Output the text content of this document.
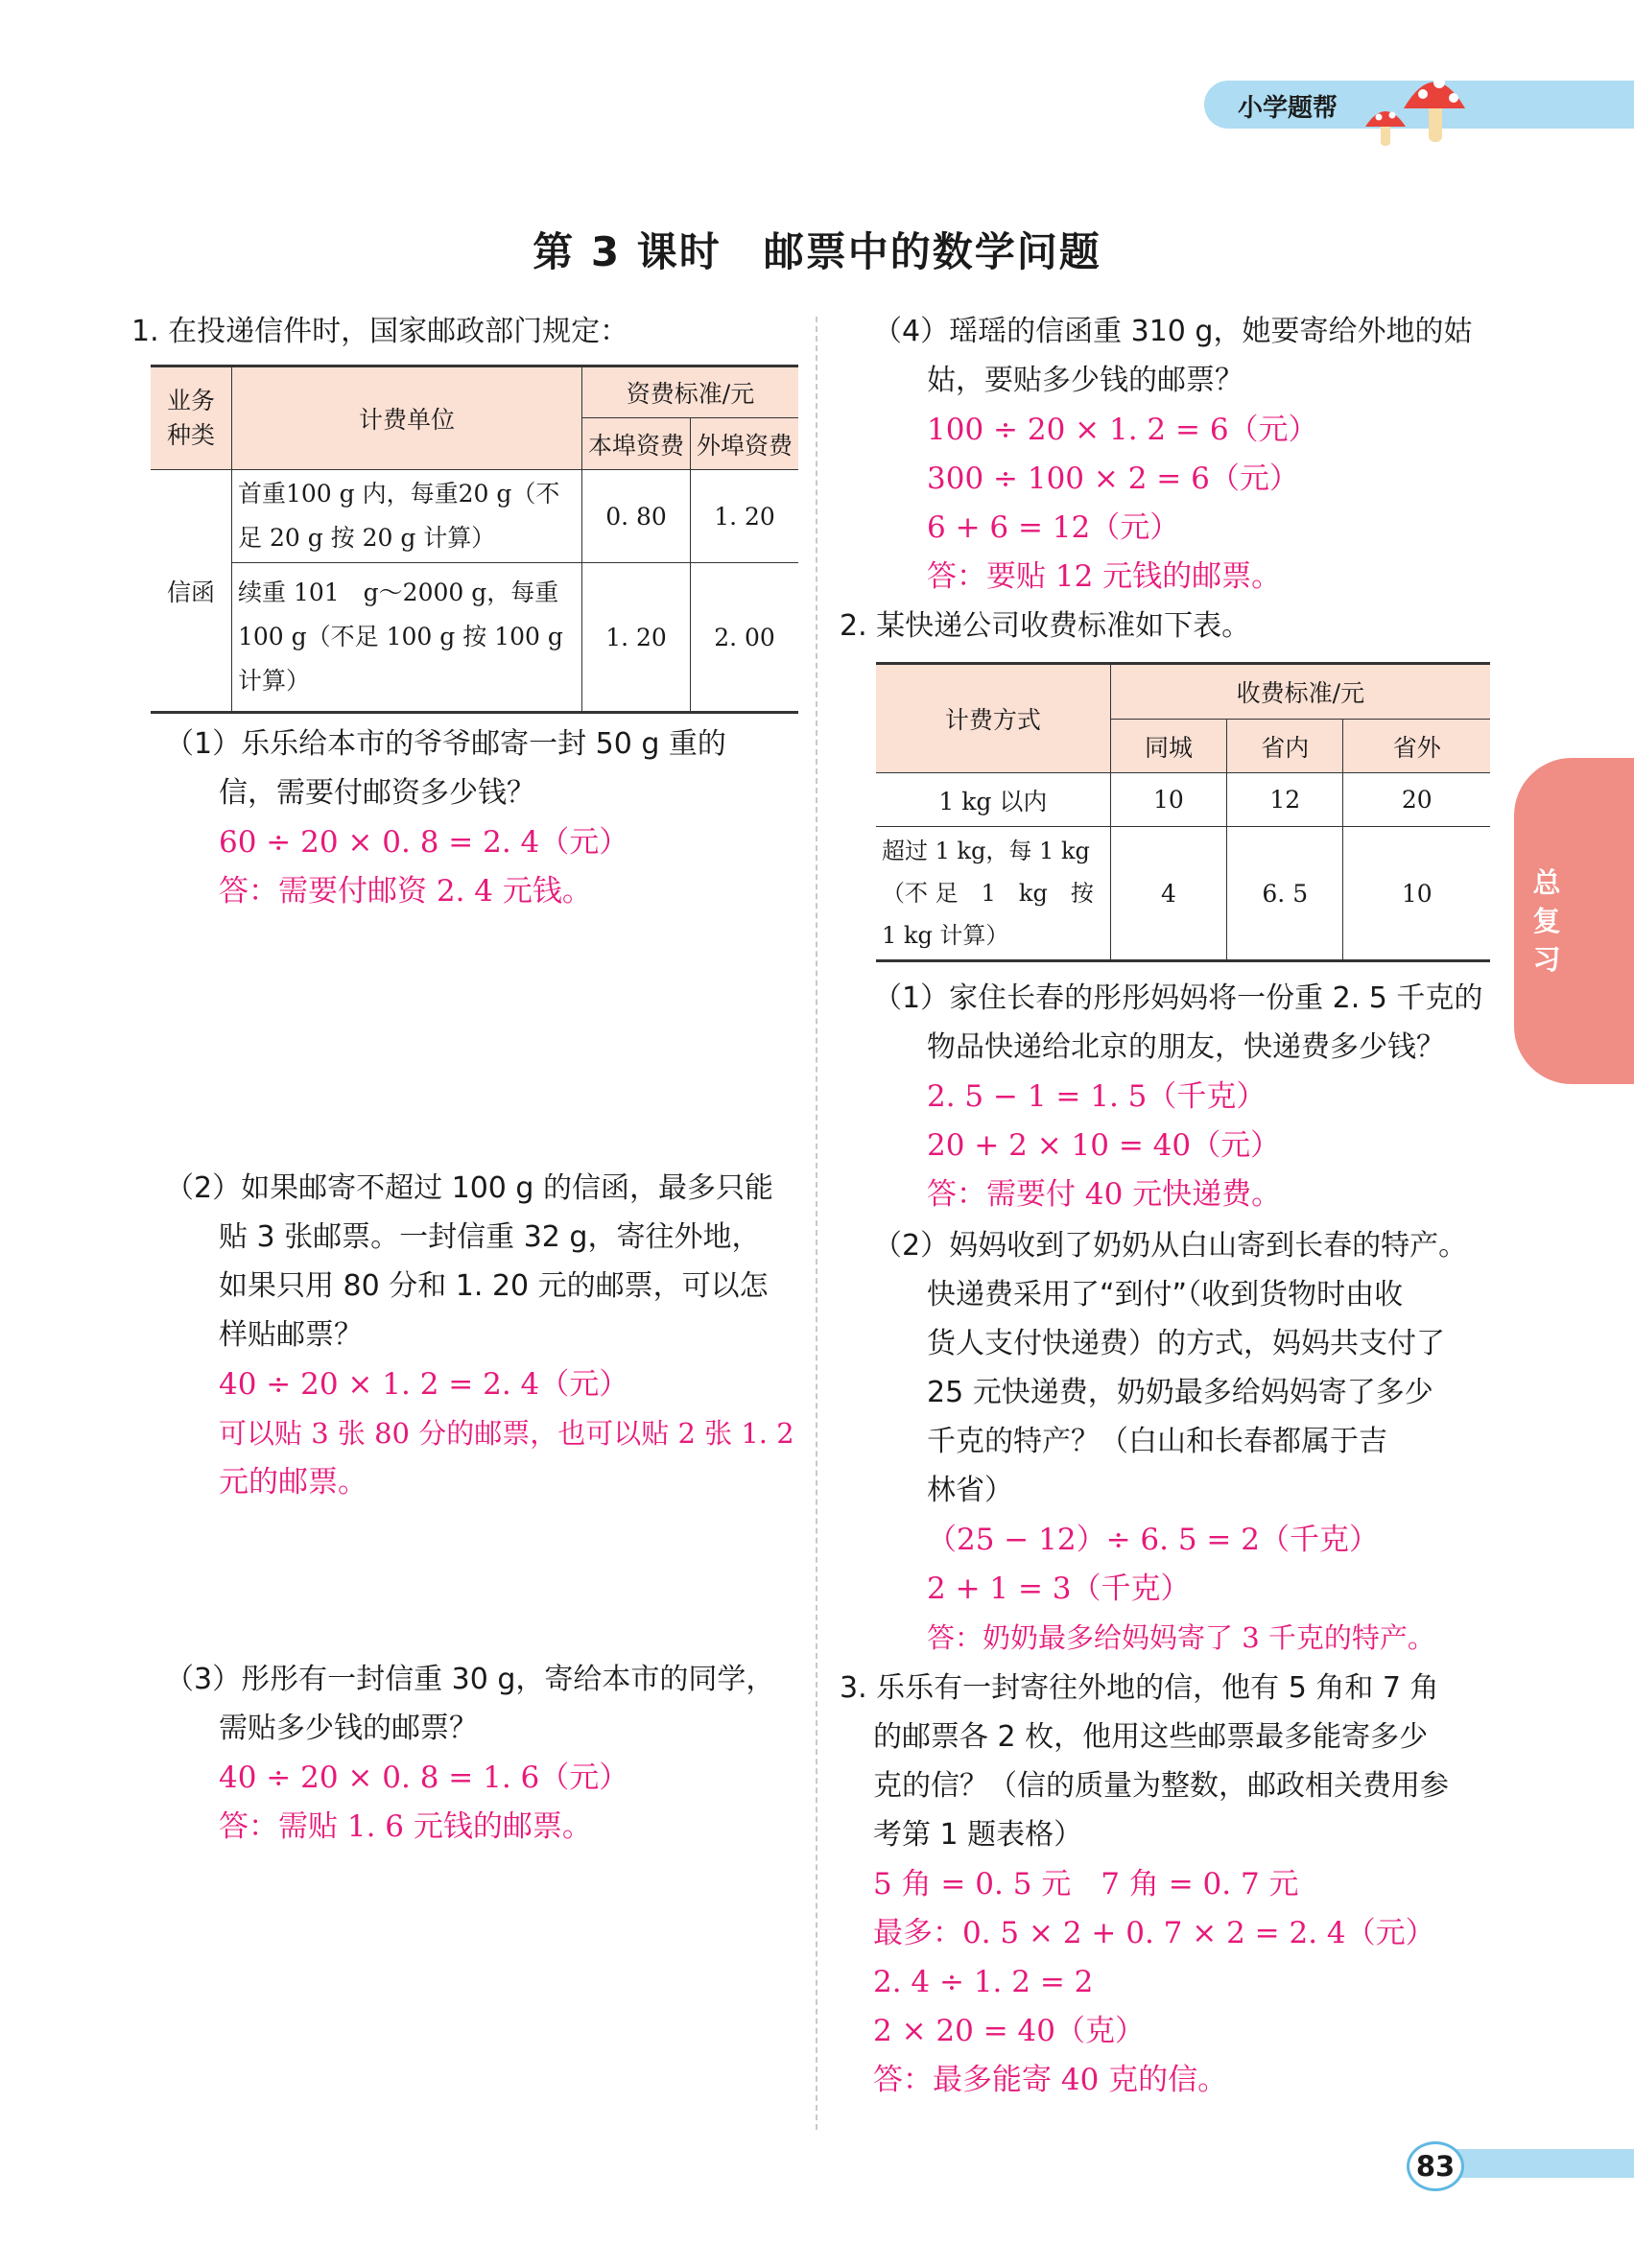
小学题帮
第 3 课时　邮票中的数学问题
1. 在投递信件时，国家邮政部门规定：
业务
种类	计费单位	资费标准/元	
		本埠资费	外埠资费
信函	首重100 g 内，每重20 g（不
足 20 g 按 20 g 计算）	0. 80	1. 20

	续重 101　g～2000 g，每重
100 g（不足 100 g 按 100 g
计算）	1. 20	2. 00
（1）乐乐给本市的爷爷邮寄一封 50 g 重的
信，需要付邮资多少钱？
60 ÷ 20 × 0. 8 = 2. 4（元）
答：需要付邮资 2. 4 元钱。
（2）如果邮寄不超过 100 g 的信函，最多只能
贴 3 张邮票。一封信重 32 g，寄往外地，
如果只用 80 分和 1. 20 元的邮票，可以怎
样贴邮票？
40 ÷ 20 × 1. 2 = 2. 4（元）
可以贴 3 张 80 分的邮票，也可以贴 2 张 1. 2
元的邮票。
（3）彤彤有一封信重 30 g，寄给本市的同学，
需贴多少钱的邮票？
40 ÷ 20 × 0. 8 = 1. 6（元）
答：需贴 1. 6 元钱的邮票。
（4）瑶瑶的信函重 310 g，她要寄给外地的姑
姑，要贴多少钱的邮票？
100 ÷ 20 × 1. 2 = 6（元）
300 ÷ 100 × 2 = 6（元）
6 + 6 = 12（元）
答：要贴 12 元钱的邮票。
2. 某快递公司收费标准如下表。
计费方式	收费标准/元		
	同城	省内	省外
1 kg 以内	10	12	20

超过 1 kg，每 1 kg
（不 足　1　kg　按
1 kg 计算）	4	6. 5	10
（1）家住长春的彤彤妈妈将一份重 2. 5 千克的
物品快递给北京的朋友，快递费多少钱？
2. 5 − 1 = 1. 5（千克）
20 + 2 × 10 = 40（元）
答：需要付 40 元快递费。
（2）妈妈收到了奶奶从白山寄到长春的特产。
快递费采用了“到付”（收到货物时由收
货人支付快递费）的方式，妈妈共支付了
25 元快递费，奶奶最多给妈妈寄了多少
千克的特产？（白山和长春都属于吉
林省）
（25 − 12）÷ 6. 5 = 2（千克）
2 + 1 = 3（千克）
答：奶奶最多给妈妈寄了 3 千克的特产。
3. 乐乐有一封寄往外地的信，他有 5 角和 7 角
的邮票各 2 枚，他用这些邮票最多能寄多少
克的信？（信的质量为整数，邮政相关费用参
考第 1 题表格）
5 角 = 0. 5 元　7 角 = 0. 7 元
最多：0. 5 × 2 + 0. 7 × 2 = 2. 4（元）
2. 4 ÷ 1. 2 = 2
2 × 20 = 40（克）
答：最多能寄 40 克的信。
总复习
83
